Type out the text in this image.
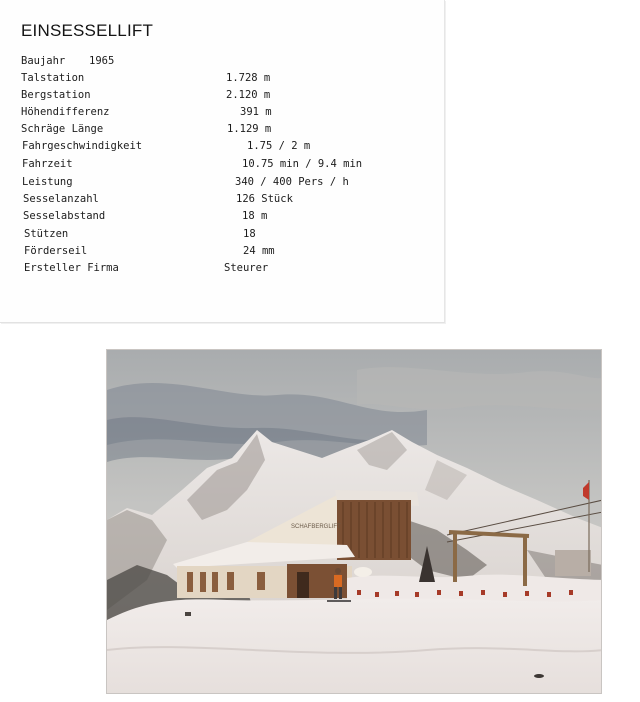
EINSESSELLIFT
Baujahr 1965
Talstation	1.728 m
Bergstation	2.120 m
Höhendifferenz	391 m
Schräge Länge	1.129 m
Fahrgeschwindigkeit	1.75 / 2 m
Fahrzeit	10.75 min / 9.4 min
Leistung	340 / 400 Pers / h
Sesselanzahl	126 Stück
Sesselabstand	18 m
Stützen	18
Förderseil	24 mm
Ersteller Firma	Steurer
SCHAFBERGLIFT
